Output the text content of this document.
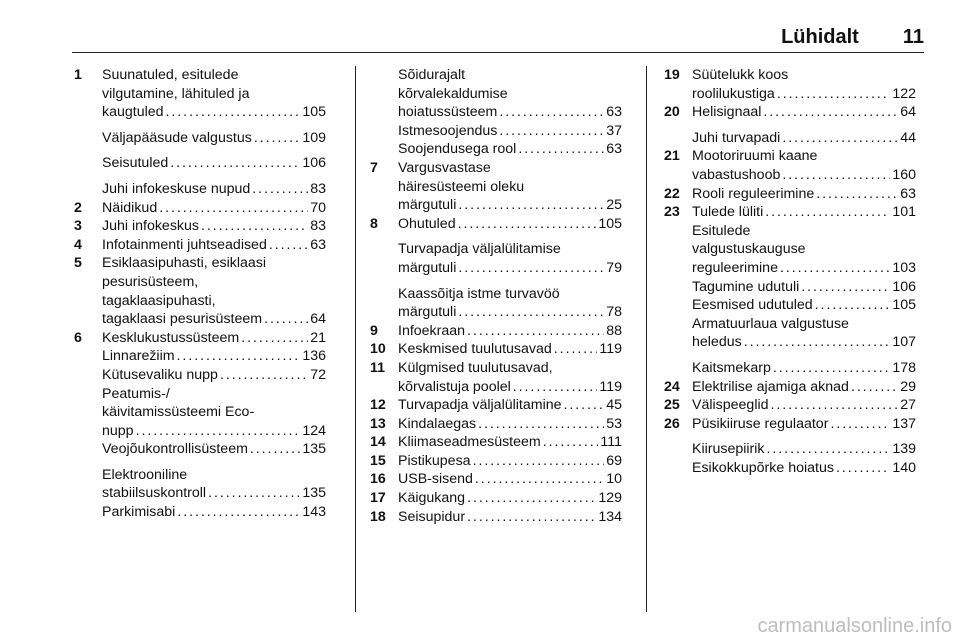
Lühidalt 11
1	Suunatuled, esitulede
vilgutamine, lähituled ja
kaugtuled . . .	105
Väljapääsude valgustus . . .	109
Seisutuled . . .	106
Juhi infokeskuse nupud . . .	83
2	Näidikud . . .	70
3	Juhi infokeskus . . .	83
4	Infotainmenti juhtseadised . . .	63
5	Esiklaasipuhasti, esiklaasi
pesurisüsteem,
tagaklaasipuhasti,
tagaklaasi pesurisüsteem . . .	64
6	Kesklukustussüsteem . . .	21
Linnarežiim . . .	136
Kütusevaliku nupp . . .	72
Peatumis-/
käivitamissüsteemi Eco-
nupp . . .	124
Veojõukontrollisüsteem . . .	135
Elektrooniline
stabiilsuskontroll . . .	135
Parkimisabi . . .	143
Sõidurajalt
kõrvalekaldumise
hoiatussüsteem . . .	63
Istmesoojendus . . .	37
Soojendusega rool . . .	63
7	Vargusvastase
häiresüsteemi oleku
märgutuli . . .	25
8	Ohutuled . . .	105
Turvapadja väljalülitamise
märgutuli . . .	79
Kaassõitja istme turvavöö
märgutuli . . .	78
9	Infoekraan . . .	88
10 Keskmised tuulutusavad . . .	119
11 Külgmised tuulutusavad,
kõrvalistuja poolel . . .	119
12 Turvapadja väljalülitamine . . .	45
13 Kindalaegas . . .	53
14 Kliimaseadmesüsteem . . .	111
15 Pistikupesa . . .	69
16 USB-sisend . . .	10
17 Käigukang . . .	129
18 Seisupidur . . .	134
19 Süütelukk koos
roolilukustiga . . .	122
20 Helisignaal . . .	64
Juhi turvapadi . . .	44
21 Mootoriruumi kaane
vabastushoob . . .	160
22 Rooli reguleerimine . . .	63
23 Tulede lüliti . . .	101
Esitulede
valgustuskauguse
reguleerimine . . .	103
Tagumine udutuli . . .	106
Eesmised udutuled . . .	105
Armatuurlaua valgustuse
heledus . . .	107
Kaitsmekarp . . .	178
24 Elektrilise ajamiga aknad . . .	29
25 Välispeeglid . . .	27
26 Püsikiiruse regulaator . . .	137
Kiirusepiirik . . .	139
Esikokkupõrke hoiatus . . .	140
carmanualsonline.info
